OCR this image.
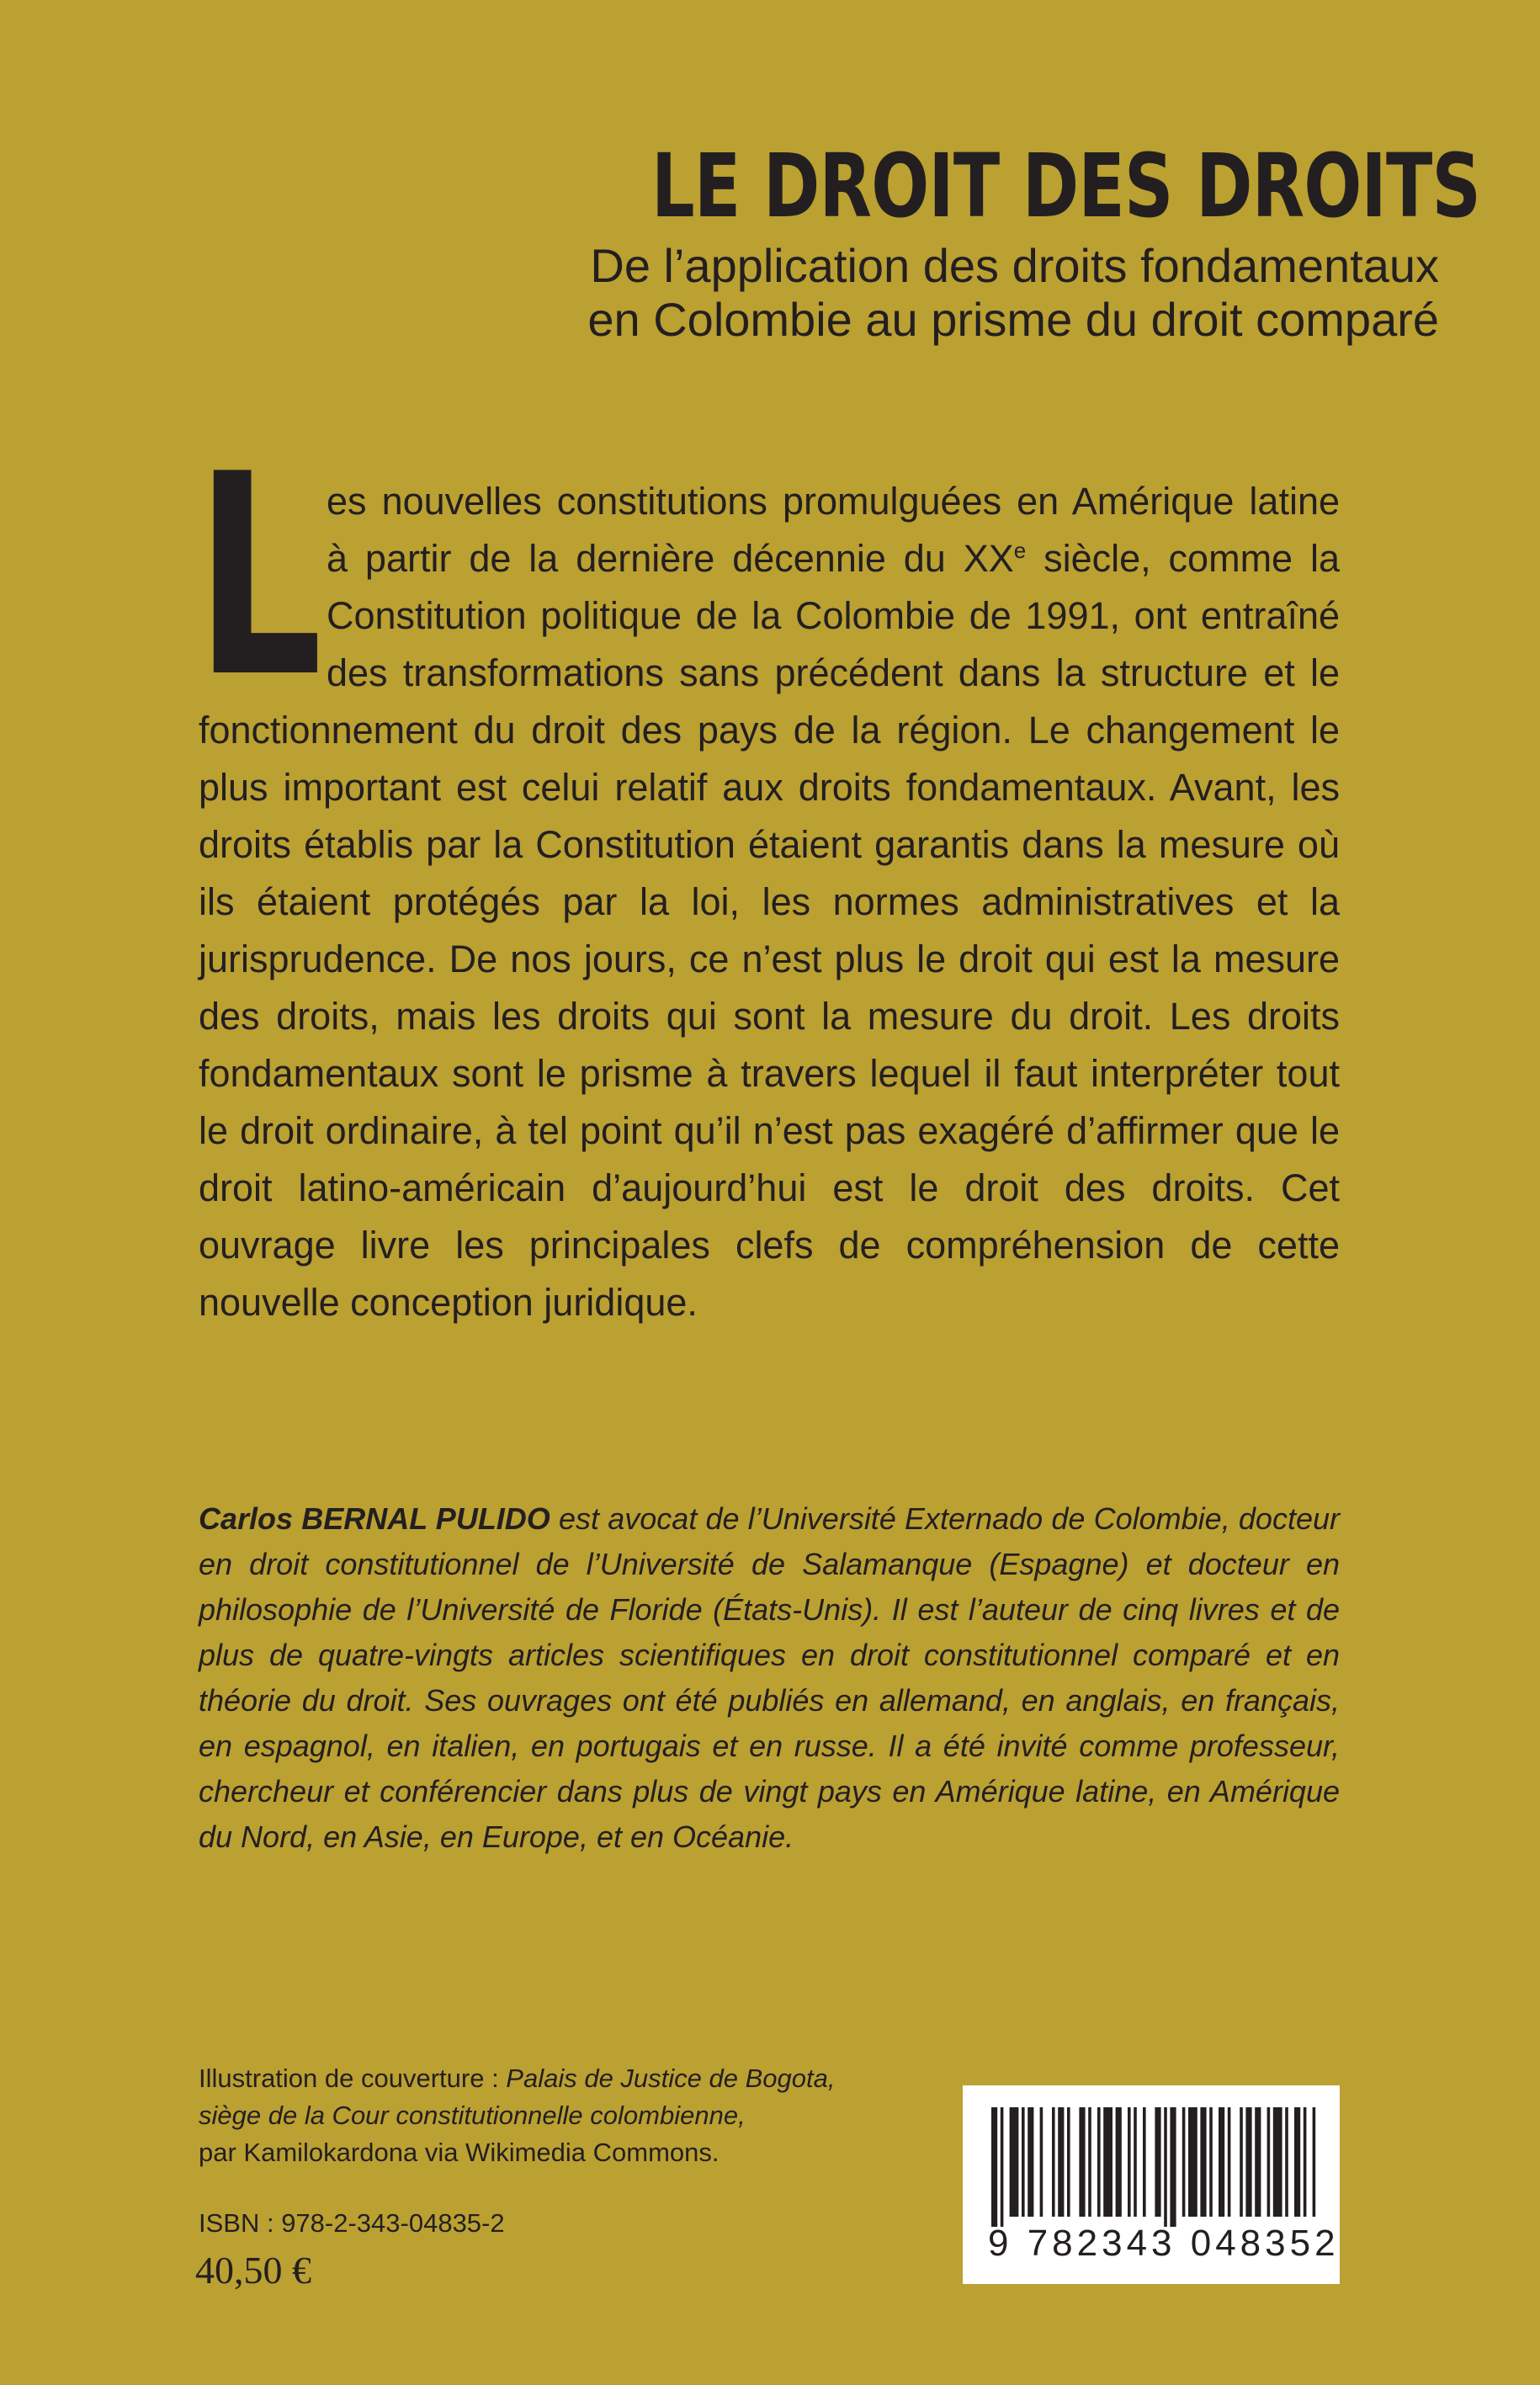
LE DROIT DES DROITS
De l’application des droits fondamentaux
en Colombie au prisme du droit comparé
L es nouvelles constitutions promulguées en Amérique latine à partir de la dernière décennie du XXe siècle, comme la Constitution politique de la Colombie de 1991, ont entraîné des transformations sans précédent dans la structure et le fonctionnement du droit des pays de la région. Le changement le plus important est celui relatif aux droits fondamentaux. Avant, les droits établis par la Constitution étaient garantis dans la mesure où ils étaient protégés par la loi, les normes administratives et la jurisprudence. De nos jours, ce n’est plus le droit qui est la mesure des droits, mais les droits qui sont la mesure du droit. Les droits fondamentaux sont le prisme à travers lequel il faut interpréter tout le droit ordinaire, à tel point qu’il n’est pas exagéré d’affirmer que le droit latino-américain d’aujourd’hui est le droit des droits. Cet ouvrage livre les principales clefs de compréhension de cette nouvelle conception juridique.

Carlos BERNAL PULIDO est avocat de l’Université Externado de Colombie, docteur en droit constitutionnel de l’Université de Salamanque (Espagne) et docteur en philosophie de l’Université de Floride (États-Unis). Il est l’auteur de cinq livres et de plus de quatre-vingts articles scientifiques en droit constitutionnel comparé et en théorie du droit. Ses ouvrages ont été publiés en allemand, en anglais, en français, en espagnol, en italien, en portugais et en russe. Il a été invité comme professeur, chercheur et conférencier dans plus de vingt pays en Amérique latine, en Amérique du Nord, en Asie, en Europe, et en Océanie.

Illustration de couverture : Palais de Justice de Bogota,
siège de la Cour constitutionnelle colombienne,
par Kamilokardona via Wikimedia Commons.
ISBN : 978-2-343-04835-2
40,50 €
9 782343 048352
